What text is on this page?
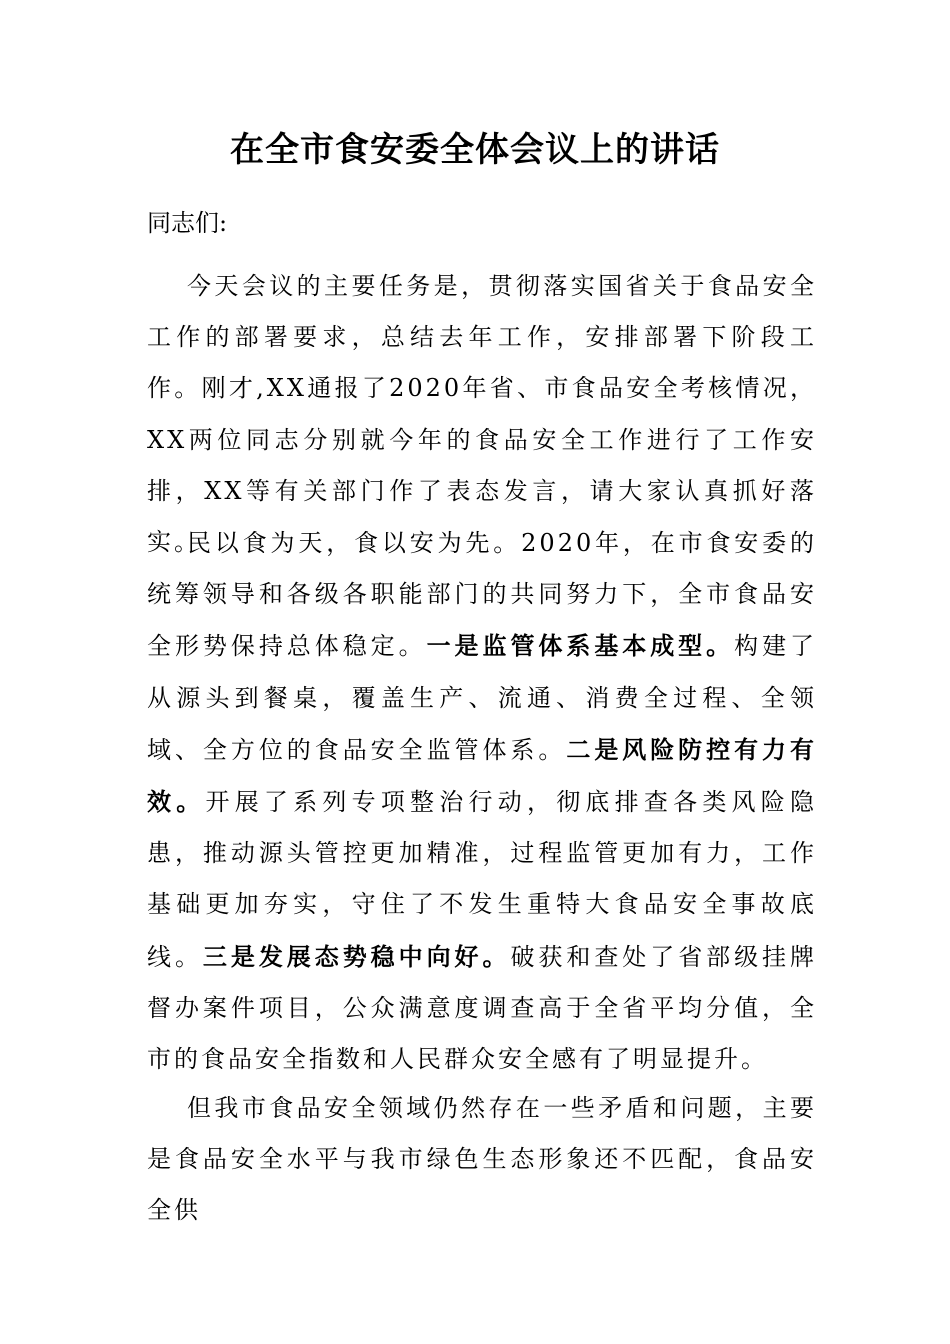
在全市食安委全体会议上的讲话

同志们:

今天会议的主要任务是，贯彻落实国省关于食品安全工作的部署要求，总结去年工作，安排部署下阶段工作。刚才,XX通报了2020年省、市食品安全考核情况，XX两位同志分别就今年的食品安全工作进行了工作安排，XX等有关部门作了表态发言，请大家认真抓好落实。

民以食为天，食以安为先。2020年，在市食安委的统筹领导和各级各职能部门的共同努力下，全市食品安全形势保持总体稳定。一是监管体系基本成型。构建了从源头到餐桌，覆盖生产、流通、消费全过程、全领域、全方位的食品安全监管体系。二是风险防控有力有效。开展了系列专项整治行动，彻底排查各类风险隐患，推动源头管控更加精准，过程监管更加有力，工作基础更加夯实，守住了不发生重特大食品安全事故底线。三是发展态势稳中向好。破获和查处了省部级挂牌督办案件项目，公众满意度调查高于全省平均分值，全市的食品安全指数和人民群众安全感有了明显提升。

但我市食品安全领域仍然存在一些矛盾和问题，主要是食品安全水平与我市绿色生态形象还不匹配，食品安全供
